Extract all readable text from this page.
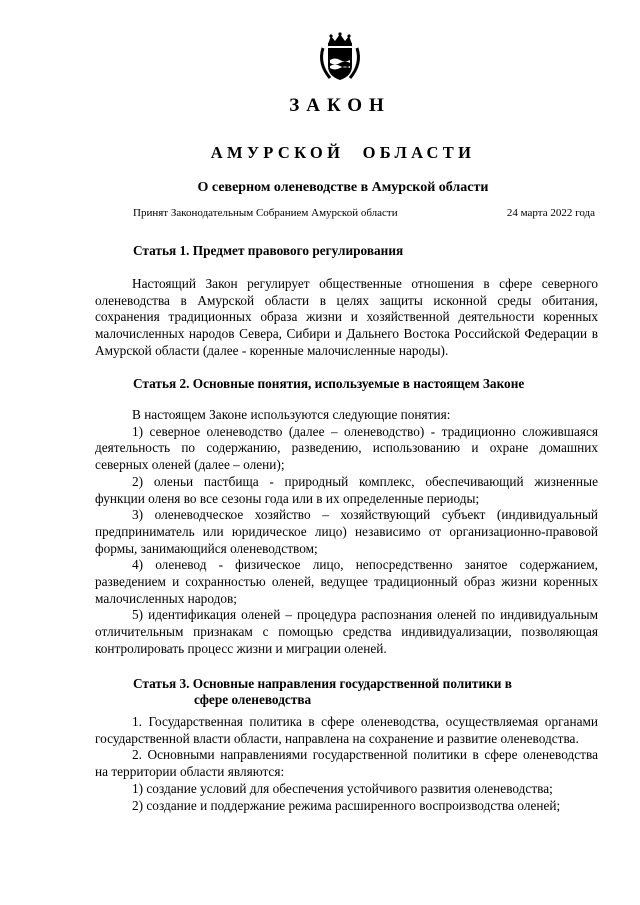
ЗАКОН
АМУРСКОЙ ОБЛАСТИ
О северном оленеводстве в Амурской области
Принят Законодательным Собранием Амурской области	24 марта 2022 года
Статья 1. Предмет правового регулирования

Настоящий Закон регулирует общественные отношения в сфере северного оленеводства в Амурской области в целях защиты исконной среды обитания, сохранения традиционных образа жизни и хозяйственной деятельности коренных малочисленных народов Севера, Сибири и Дальнего Востока Российской Федерации в Амурской области (далее - коренные малочисленные народы).

Статья 2. Основные понятия, используемые в настоящем Законе

В настоящем Законе используются следующие понятия:

1) северное оленеводство (далее – оленеводство) - традиционно сложившаяся деятельность по содержанию, разведению, использованию и охране домашних северных оленей (далее – олени);

2) оленьи пастбища - природный комплекс, обеспечивающий жизненные функции оленя во все сезоны года или в их определенные периоды;

3) оленеводческое хозяйство – хозяйствующий субъект (индивидуальный предприниматель или юридическое лицо) независимо от организационно-правовой формы, занимающийся оленеводством;

4) оленевод - физическое лицо, непосредственно занятое содержанием, разведением и сохранностью оленей, ведущее традиционный образ жизни коренных малочисленных народов;

5) идентификация оленей – процедура распознания оленей по индивидуальным отличительным признакам с помощью средства индивидуализации, позволяющая контролировать процесс жизни и миграции оленей.

Статья 3. Основные направления государственной политики в
сфере оленеводства

1. Государственная политика в сфере оленеводства, осуществляемая органами государственной власти области, направлена на сохранение и развитие оленеводства.

2. Основными направлениями государственной политики в сфере оленеводства на территории области являются:

1) создание условий для обеспечения устойчивого развития оленеводства;

2) создание и поддержание режима расширенного воспроизводства оленей;
